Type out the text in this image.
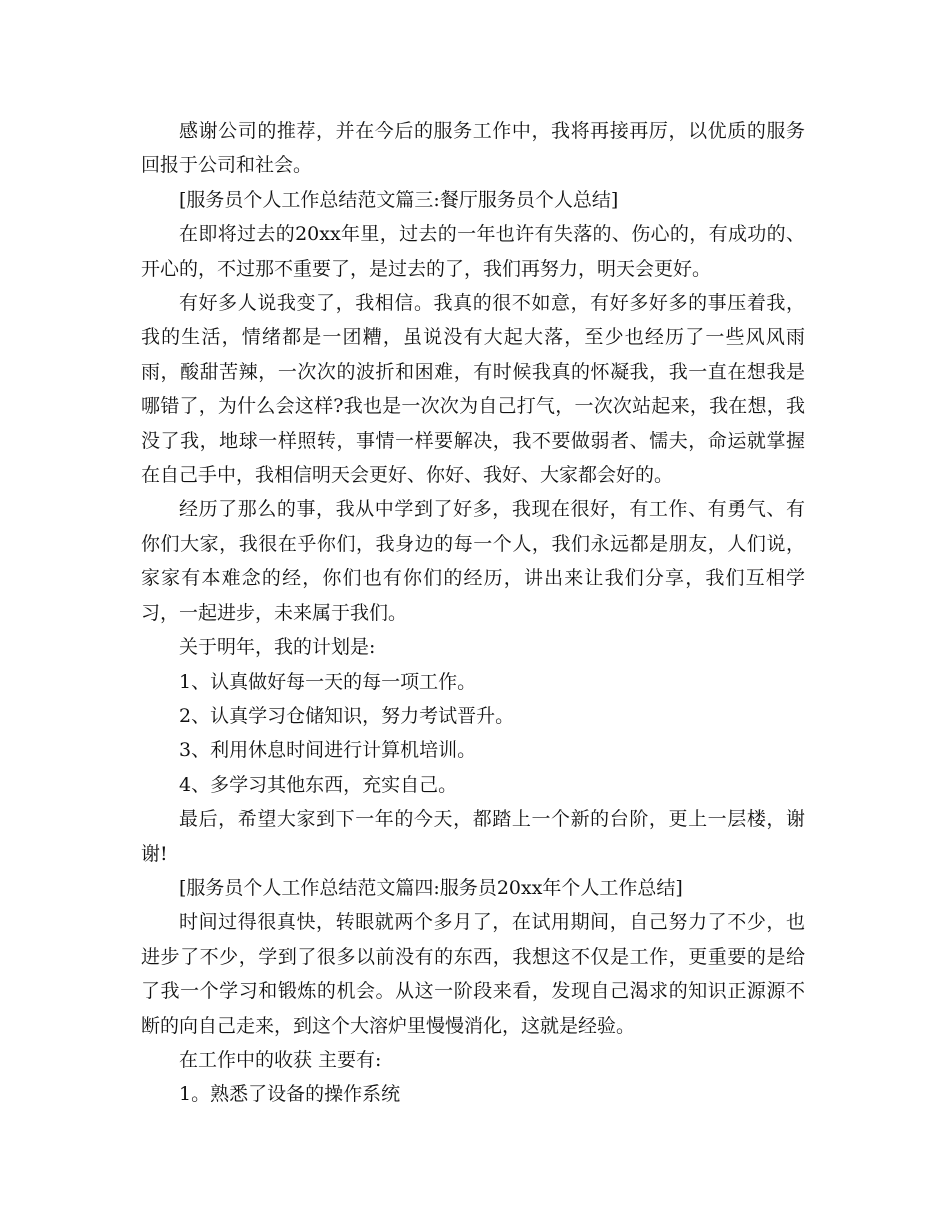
感谢公司的推荐，并在今后的服务工作中，我将再接再厉，以优质的服务回报于公司和社会。

[服务员个人工作总结范文篇三:餐厅服务员个人总结]

在即将过去的20xx年里，过去的一年也许有失落的、伤心的，有成功的、开心的，不过那不重要了，是过去的了，我们再努力，明天会更好。

有好多人说我变了，我相信。我真的很不如意，有好多好多的事压着我，我的生活，情绪都是一团糟，虽说没有大起大落，至少也经历了一些风风雨雨，酸甜苦辣，一次次的波折和困难，有时候我真的怀凝我，我一直在想我是哪错了，为什么会这样?我也是一次次为自己打气，一次次站起来，我在想，我没了我，地球一样照转，事情一样要解决，我不要做弱者、懦夫，命运就掌握在自己手中，我相信明天会更好、你好、我好、大家都会好的。

经历了那么的事，我从中学到了好多，我现在很好，有工作、有勇气、有你们大家，我很在乎你们，我身边的每一个人，我们永远都是朋友，人们说，家家有本难念的经，你们也有你们的经历，讲出来让我们分享，我们互相学习，一起进步，未来属于我们。

关于明年，我的计划是:

1、认真做好每一天的每一项工作。

2、认真学习仓储知识，努力考试晋升。

3、利用休息时间进行计算机培训。

4、多学习其他东西，充实自己。

最后，希望大家到下一年的今天，都踏上一个新的台阶，更上一层楼，谢谢!

[服务员个人工作总结范文篇四:服务员20xx年个人工作总结]

时间过得很真快，转眼就两个多月了，在试用期间，自己努力了不少，也进步了不少，学到了很多以前没有的东西，我想这不仅是工作，更重要的是给了我一个学习和锻炼的机会。从这一阶段来看，发现自己渴求的知识正源源不断的向自己走来，到这个大溶炉里慢慢消化，这就是经验。

在工作中的收获 主要有:

1。熟悉了设备的操作系统
